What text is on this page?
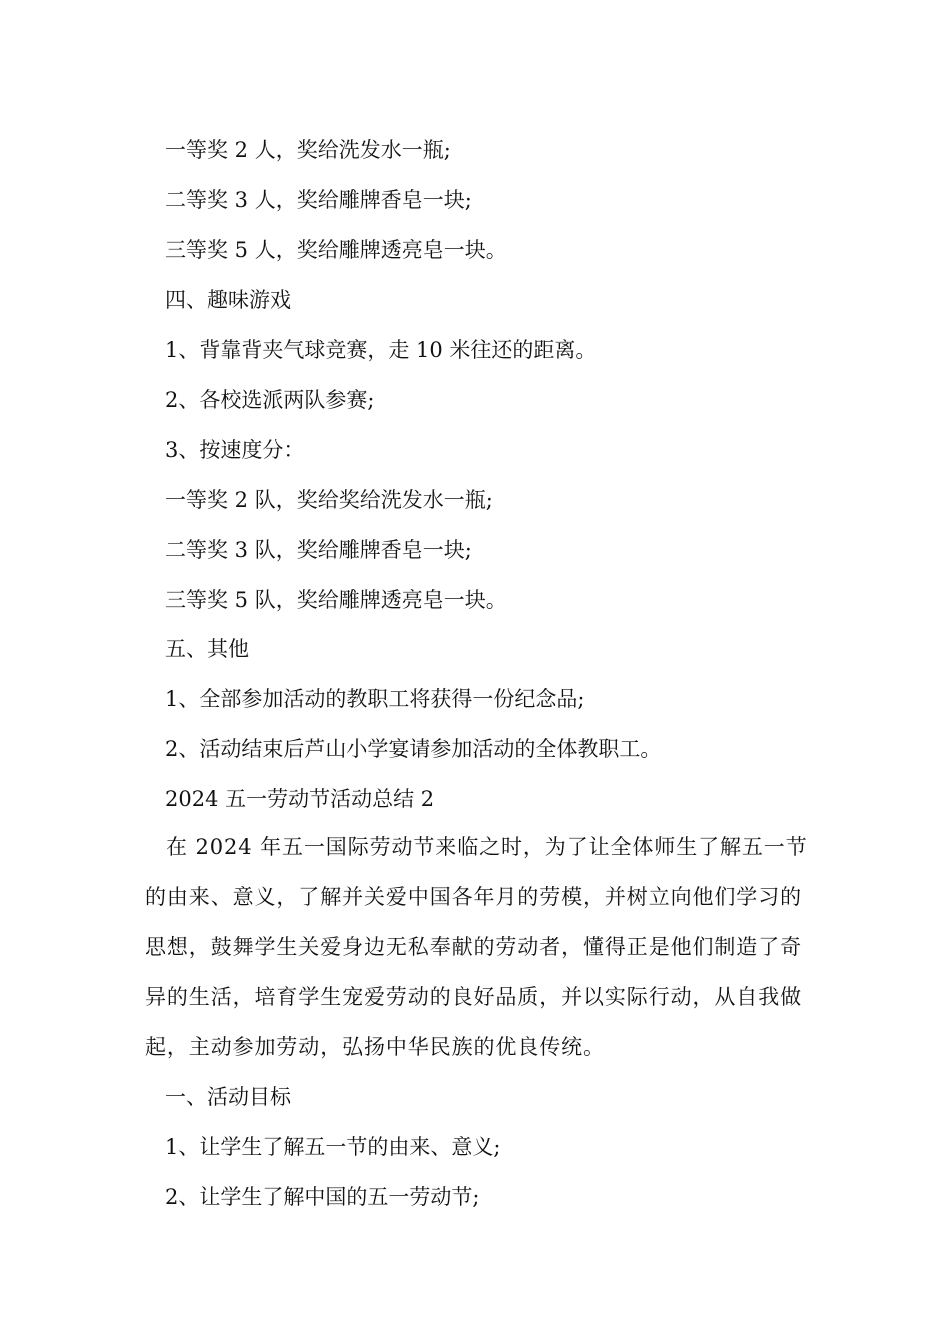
一等奖 2 人，奖给洗发水一瓶;
二等奖 3 人，奖给雕牌香皂一块;
三等奖 5 人，奖给雕牌透亮皂一块。
四、趣味游戏
1、背靠背夹气球竞赛，走 10 米往还的距离。
2、各校选派两队参赛;
3、按速度分：
一等奖 2 队，奖给奖给洗发水一瓶;
二等奖 3 队，奖给雕牌香皂一块;
三等奖 5 队，奖给雕牌透亮皂一块。
五、其他
1、全部参加活动的教职工将获得一份纪念品;
2、活动结束后芦山小学宴请参加活动的全体教职工。
2024 五一劳动节活动总结 2
在 2024 年五一国际劳动节来临之时，为了让全体师生了解五一节的由来、意义，了解并关爱中国各年月的劳模，并树立向他们学习的思想，鼓舞学生关爱身边无私奉献的劳动者，懂得正是他们制造了奇异的生活，培育学生宠爱劳动的良好品质，并以实际行动，从自我做起，主动参加劳动，弘扬中华民族的优良传统。
一、活动目标
1、让学生了解五一节的由来、意义;
2、让学生了解中国的五一劳动节;
